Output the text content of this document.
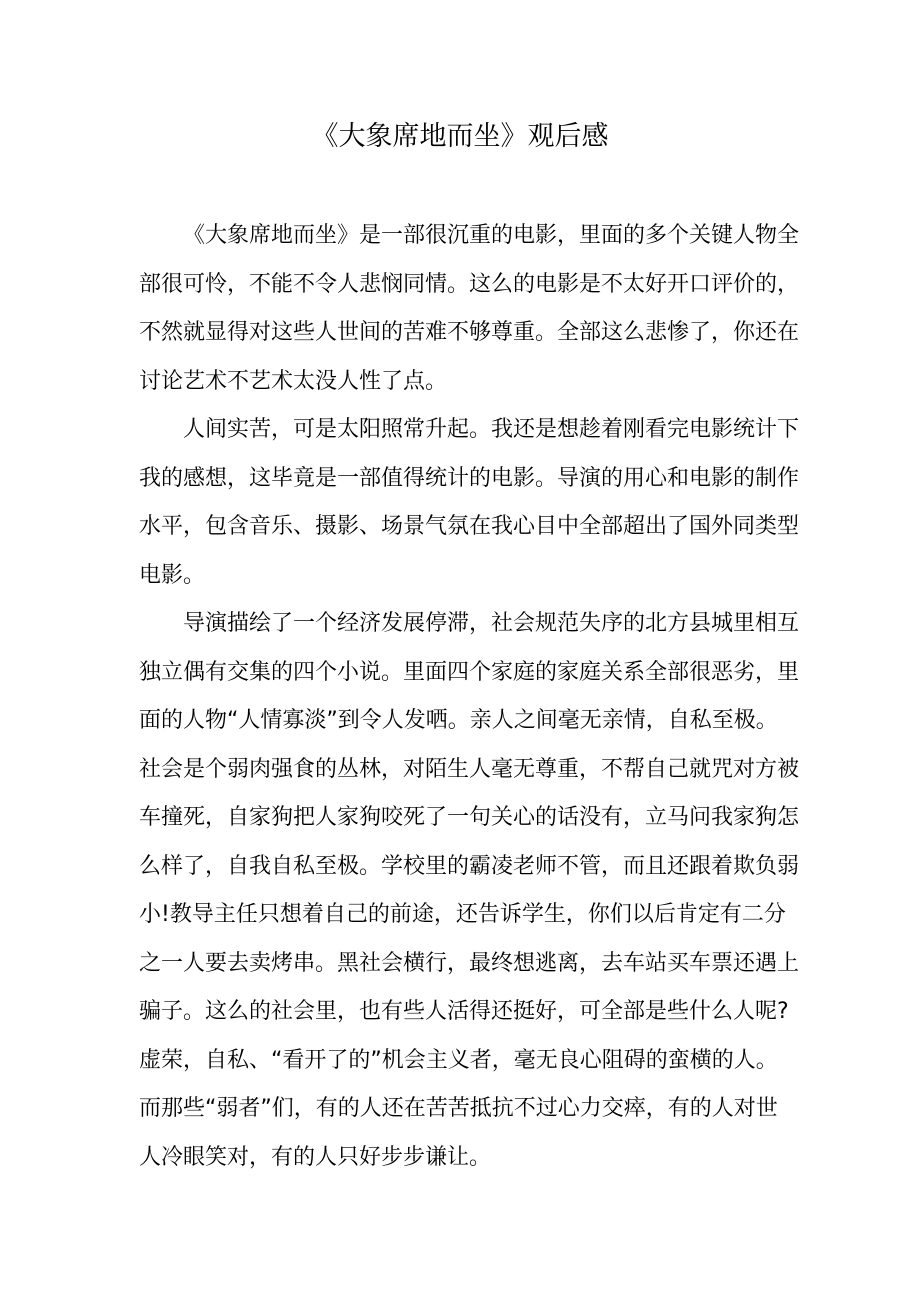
《大象席地而坐》观后感
《大象席地而坐》是一部很沉重的电影，里面的多个关键人物全
部很可怜，不能不令人悲悯同情。这么的电影是不太好开口评价的，
不然就显得对这些人世间的苦难不够尊重。全部这么悲惨了，你还在
讨论艺术不艺术太没人性了点。
人间实苦，可是太阳照常升起。我还是想趁着刚看完电影统计下
我的感想，这毕竟是一部值得统计的电影。导演的用心和电影的制作
水平，包含音乐、摄影、场景气氛在我心目中全部超出了国外同类型
电影。
导演描绘了一个经济发展停滞，社会规范失序的北方县城里相互
独立偶有交集的四个小说。里面四个家庭的家庭关系全部很恶劣，里
面的人物“人情寡淡”到令人发哂。亲人之间毫无亲情，自私至极。
社会是个弱肉强食的丛林，对陌生人毫无尊重，不帮自己就咒对方被
车撞死，自家狗把人家狗咬死了一句关心的话没有，立马问我家狗怎
么样了，自我自私至极。学校里的霸凌老师不管，而且还跟着欺负弱
小!教导主任只想着自己的前途，还告诉学生，你们以后肯定有二分
之一人要去卖烤串。黑社会横行，最终想逃离，去车站买车票还遇上
骗子。这么的社会里，也有些人活得还挺好，可全部是些什么人呢?
虚荣，自私、“看开了的”机会主义者，毫无良心阻碍的蛮横的人。
而那些“弱者”们，有的人还在苦苦抵抗不过心力交瘁，有的人对世
人冷眼笑对，有的人只好步步谦让。
